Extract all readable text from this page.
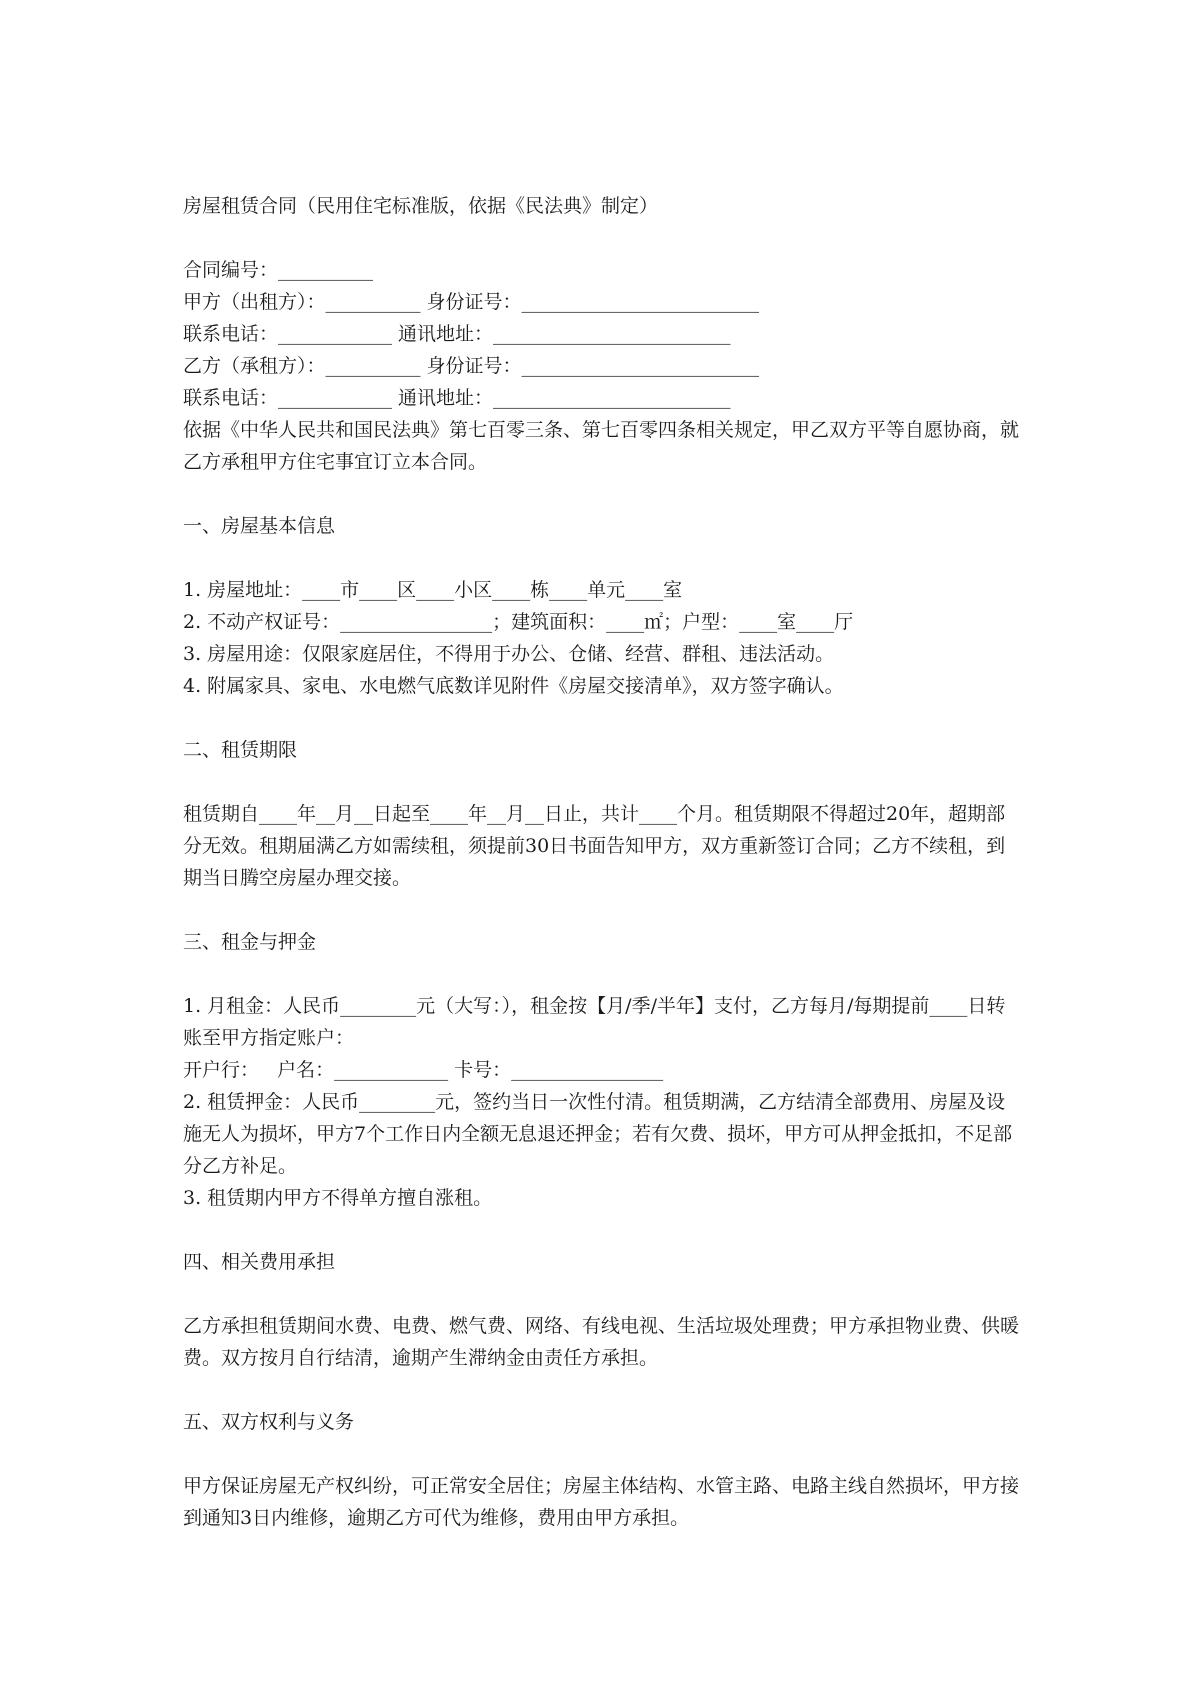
房屋租赁合同（民用住宅标准版，依据《民法典》制定）
合同编号：__________
甲方（出租方）：__________ 身份证号：_________________________
联系电话：____________ 通讯地址：_________________________
乙方（承租方）：__________ 身份证号：_________________________
联系电话：____________ 通讯地址：_________________________
依据《中华人民共和国民法典》第七百零三条、第七百零四条相关规定，甲乙双方平等自愿协商，就乙方承租甲方住宅事宜订立本合同。
一、房屋基本信息
1. 房屋地址：____市____区____小区____栋____单元____室
2. 不动产权证号：________________；建筑面积：____㎡；户型：____室____厅
3. 房屋用途：仅限家庭居住，不得用于办公、仓储、经营、群租、违法活动。
4. 附属家具、家电、水电燃气底数详见附件《房屋交接清单》，双方签字确认。
二、租赁期限
租赁期自____年__月__日起至____年__月__日止，共计____个月。租赁期限不得超过20年，超期部分无效。租期届满乙方如需续租，须提前30日书面告知甲方，双方重新签订合同；乙方不续租，到期当日腾空房屋办理交接。
三、租金与押金
1. 月租金：人民币________元（大写：），租金按【月/季/半年】支付，乙方每月/每期提前____日转账至甲方指定账户：
开户行：   户名：____________ 卡号：________________
2. 租赁押金：人民币________元，签约当日一次性付清。租赁期满，乙方结清全部费用、房屋及设施无人为损坏，甲方7个工作日内全额无息退还押金；若有欠费、损坏，甲方可从押金抵扣，不足部分乙方补足。
3. 租赁期内甲方不得单方擅自涨租。
四、相关费用承担
乙方承担租赁期间水费、电费、燃气费、网络、有线电视、生活垃圾处理费；甲方承担物业费、供暖费。双方按月自行结清，逾期产生滞纳金由责任方承担。
五、双方权利与义务
甲方保证房屋无产权纠纷，可正常安全居住；房屋主体结构、水管主路、电路主线自然损坏，甲方接到通知3日内维修，逾期乙方可代为维修，费用由甲方承担。
